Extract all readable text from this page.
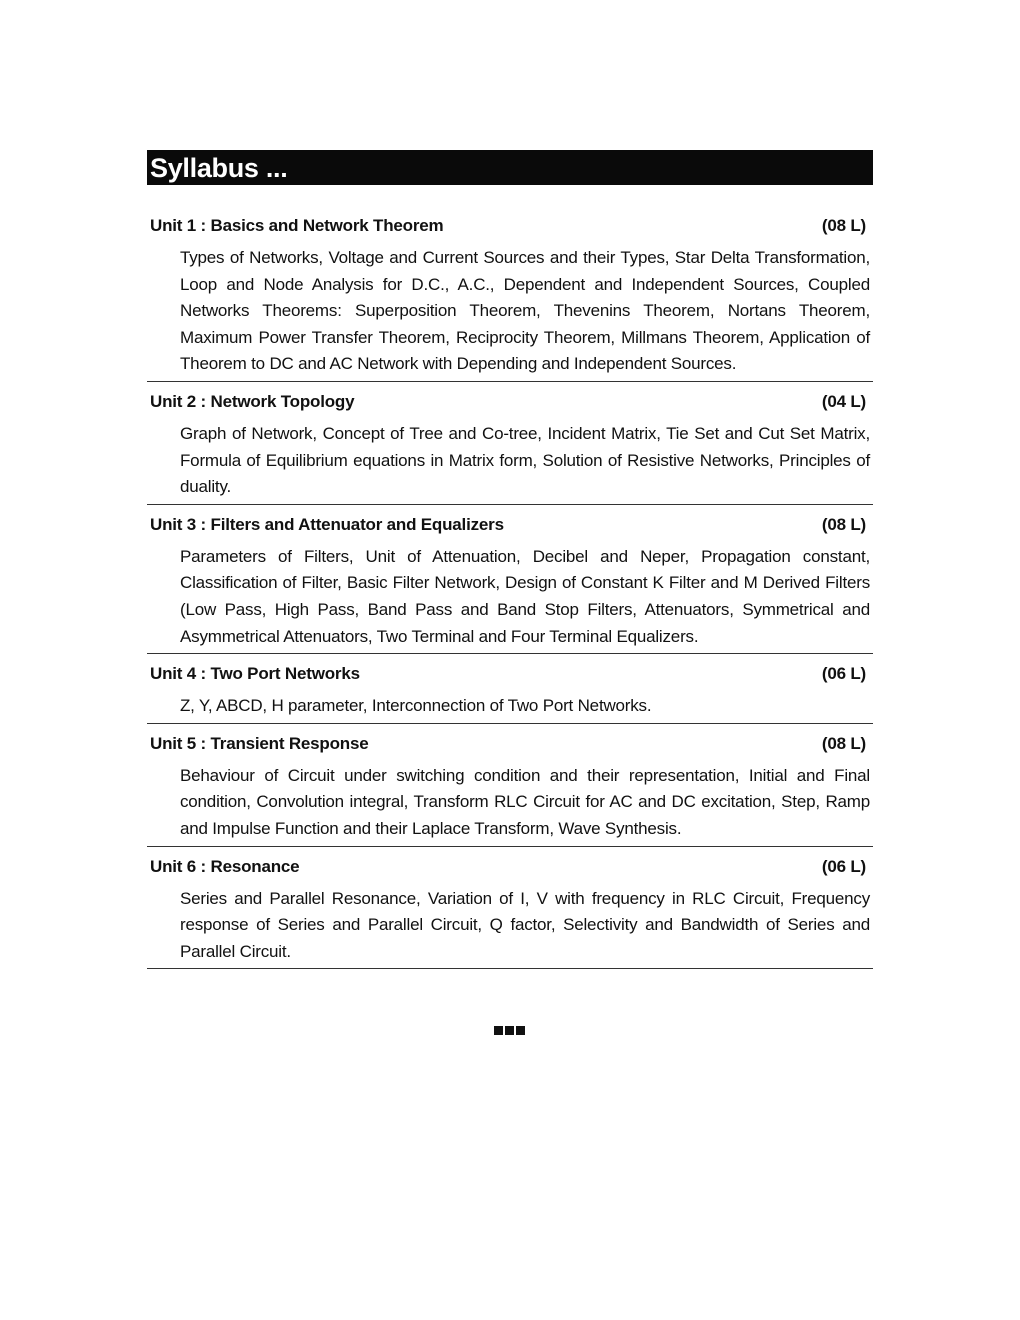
Syllabus ...
Unit 1 : Basics and Network Theorem	(08 L)
Types of Networks, Voltage and Current Sources and their Types, Star Delta Transformation, Loop and Node Analysis for D.C., A.C., Dependent and Independent Sources, Coupled Networks Theorems: Superposition Theorem, Thevenins Theorem, Nortans Theorem, Maximum Power Transfer Theorem, Reciprocity Theorem, Millmans Theorem, Application of Theorem to DC and AC Network with Depending and Independent Sources.
Unit 2 : Network Topology	(04 L)
Graph of Network, Concept of Tree and Co-tree, Incident Matrix, Tie Set and Cut Set Matrix, Formula of Equilibrium equations in Matrix form, Solution of Resistive Networks, Principles of duality.
Unit 3 : Filters and Attenuator and Equalizers	(08 L)
Parameters of Filters, Unit of Attenuation, Decibel and Neper, Propagation constant, Classification of Filter, Basic Filter Network, Design of Constant K Filter and M Derived Filters (Low Pass, High Pass, Band Pass and Band Stop Filters, Attenuators, Symmetrical and Asymmetrical Attenuators, Two Terminal and Four Terminal Equalizers.
Unit 4 : Two Port Networks	(06 L)
Z, Y, ABCD, H parameter, Interconnection of Two Port Networks.
Unit 5 : Transient Response	(08 L)
Behaviour of Circuit under switching condition and their representation, Initial and Final condition, Convolution integral, Transform RLC Circuit for AC and DC excitation, Step, Ramp and Impulse Function and their Laplace Transform, Wave Synthesis.
Unit 6 : Resonance	(06 L)
Series and Parallel Resonance, Variation of I, V with frequency in RLC Circuit, Frequency response of Series and Parallel Circuit, Q factor, Selectivity and Bandwidth of Series and Parallel Circuit.
